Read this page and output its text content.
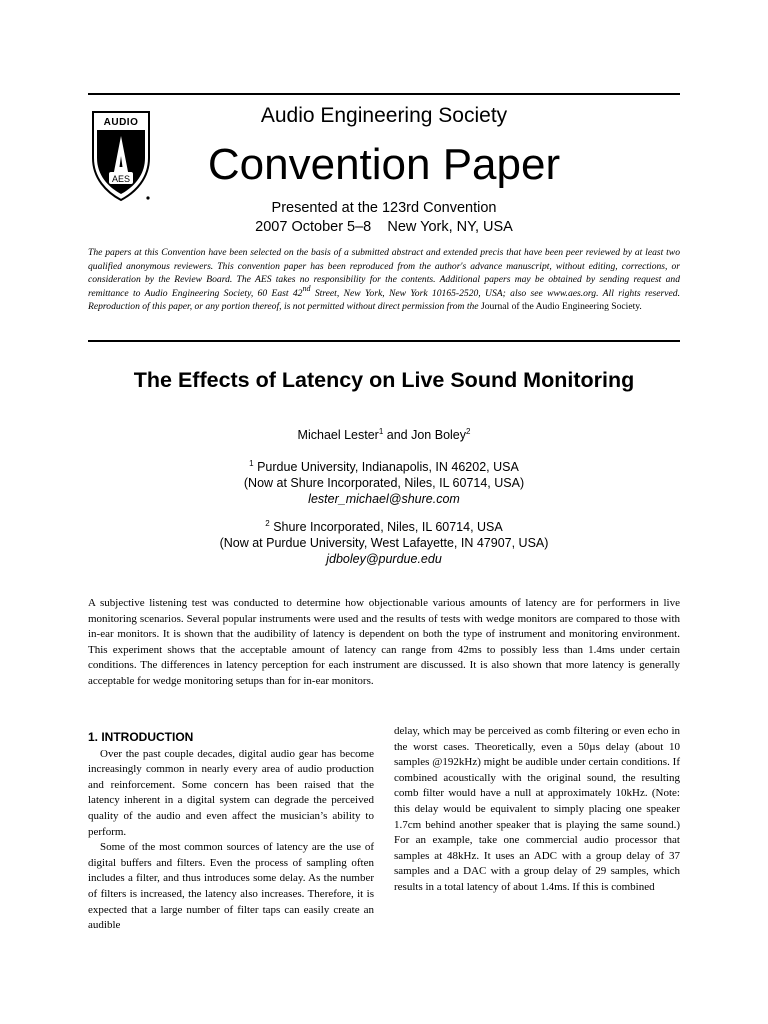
AUDIO
AES
Audio Engineering Society
Convention Paper
Presented at the 123rd Convention
2007 October 5–8    New York, NY, USA
The papers at this Convention have been selected on the basis of a submitted abstract and extended precis that have been peer reviewed by at least two qualified anonymous reviewers. This convention paper has been reproduced from the author's advance manuscript, without editing, corrections, or consideration by the Review Board. The AES takes no responsibility for the contents. Additional papers may be obtained by sending request and remittance to Audio Engineering Society, 60 East 42nd Street, New York, New York 10165-2520, USA; also see www.aes.org. All rights reserved. Reproduction of this paper, or any portion thereof, is not permitted without direct permission from the Journal of the Audio Engineering Society.
The Effects of Latency on Live Sound Monitoring
Michael Lester$^1$ and Jon Boley$^2$
$^1$ Purdue University, Indianapolis, IN 46202, USA
(Now at Shure Incorporated, Niles, IL 60714, USA)
lester_michael@shure.com
$^2$ Shure Incorporated, Niles, IL 60714, USA
(Now at Purdue University, West Lafayette, IN 47907, USA)
jdboley@purdue.edu
A subjective listening test was conducted to determine how objectionable various amounts of latency are for performers in live monitoring scenarios. Several popular instruments were used and the results of tests with wedge monitors are compared to those with in-ear monitors. It is shown that the audibility of latency is dependent on both the type of instrument and monitoring environment. This experiment shows that the acceptable amount of latency can range from 42ms to possibly less than 1.4ms under certain conditions. The differences in latency perception for each instrument are discussed. It is also shown that more latency is generally acceptable for wedge monitoring setups than for in-ear monitors.
1. INTRODUCTION

Over the past couple decades, digital audio gear has become increasingly common in nearly every area of audio production and reinforcement. Some concern has been raised that the latency inherent in a digital system can degrade the perceived quality of the audio and even affect the musician’s ability to perform.

Some of the most common sources of latency are the use of digital buffers and filters. Even the process of sampling often includes a filter, and thus introduces some delay. As the number of filters is increased, the latency also increases. Therefore, it is expected that a large number of filter taps can easily create an audible

delay, which may be perceived as comb filtering or even echo in the worst cases. Theoretically, even a 50µs delay (about 10 samples @192kHz) might be audible under certain conditions. If combined acoustically with the original sound, the resulting comb filter would have a null at approximately 10kHz. (Note: this delay would be equivalent to simply placing one speaker 1.7cm behind another speaker that is playing the same sound.) For an example, take one commercial audio processor that samples at 48kHz. It uses an ADC with a group delay of 37 samples and a DAC with a group delay of 29 samples, which results in a total latency of about 1.4ms. If this is combined
